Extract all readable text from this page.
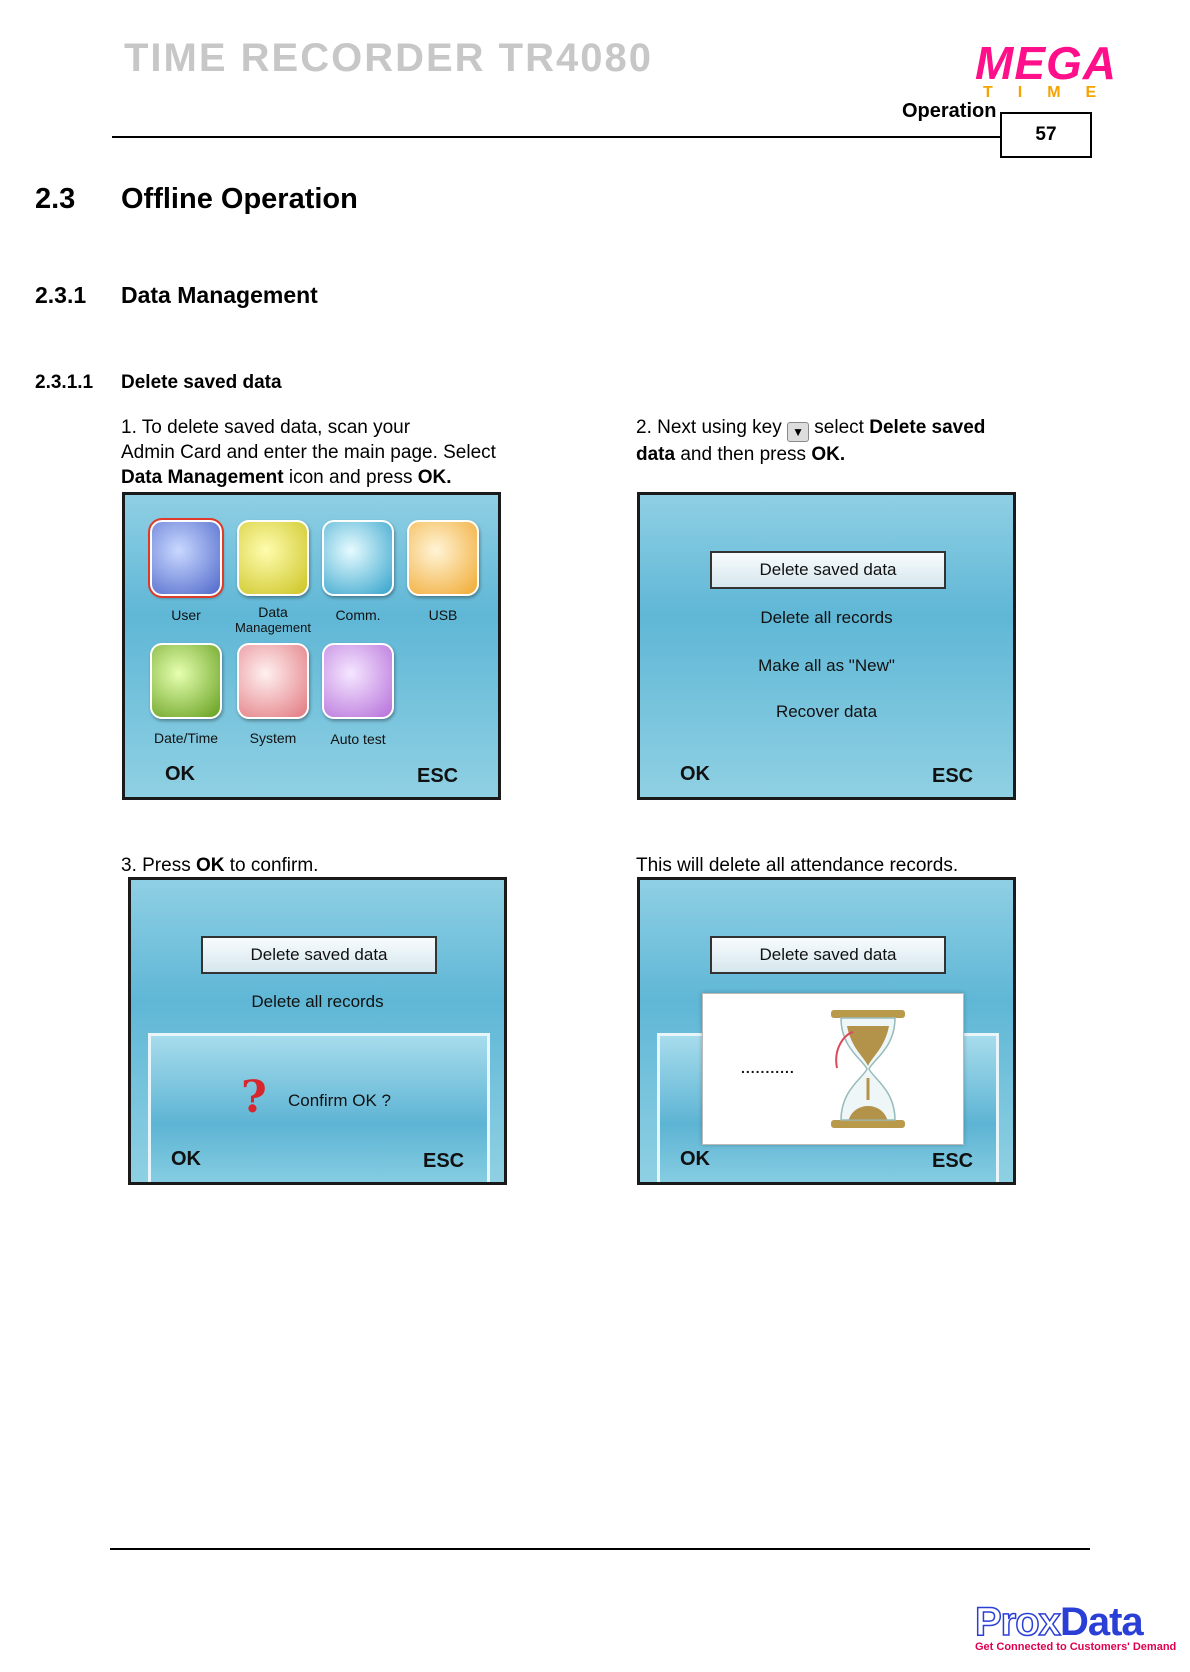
TIME RECORDER TR4080	MEGA
TIME
Operation
57
2.3 Offline Operation
2.3.1 Data Management
2.3.1.1 Delete saved data
1. To delete saved data, scan your
Admin Card and enter the main page. Select
Data Management icon and press OK.
2. Next using key ▼ select Delete saved
data and then press OK.
User	Data
Management
Comm.	USB
Date/Time	System	Auto test
OK	ESC
Delete saved data
Delete all records
Make all as "New"
Recover data
OK	ESC
3. Press OK to confirm.	This will delete all attendance records.
Delete saved data
Delete all records
? Confirm OK ?
OK	ESC
Delete saved data
...........
OK	ESC
ProxData
Get Connected to Customers' Demand
